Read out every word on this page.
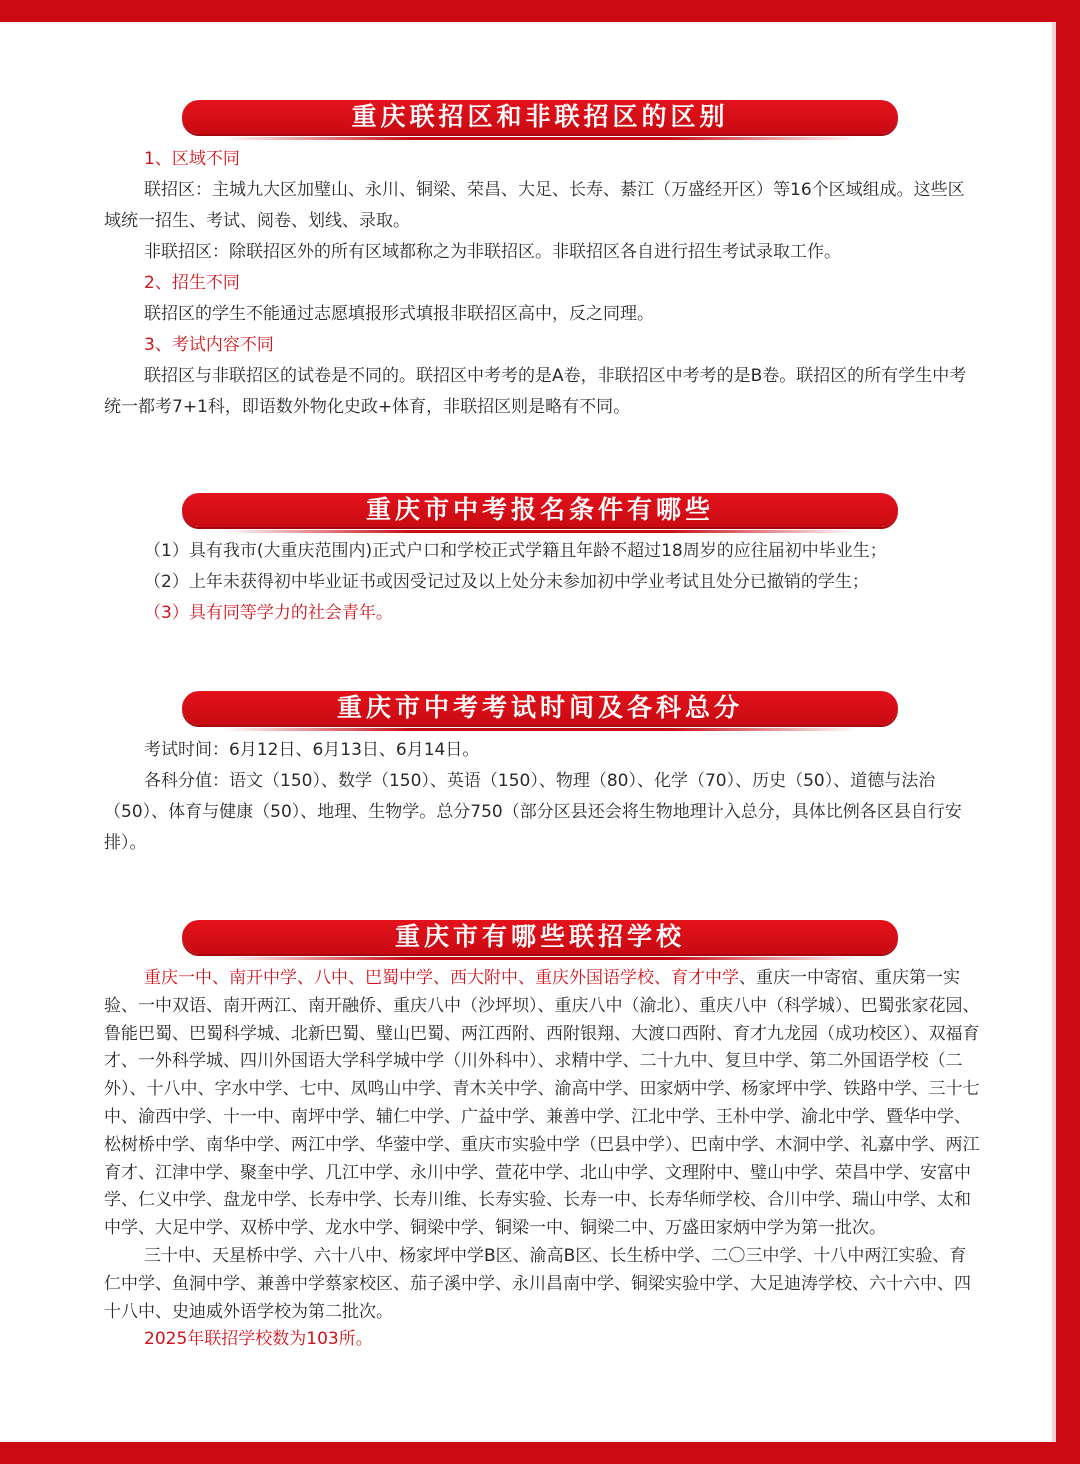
重庆联招区和非联招区的区别

1、区域不同

联招区：主城九大区加璧山、永川、铜梁、荣昌、大足、长寿、綦江（万盛经开区）等16个区域组成。这些区域统一招生、考试、阅卷、划线、录取。

非联招区：除联招区外的所有区域都称之为非联招区。非联招区各自进行招生考试录取工作。

2、招生不同

联招区的学生不能通过志愿填报形式填报非联招区高中，反之同理。

3、考试内容不同

联招区与非联招区的试卷是不同的。联招区中考考的是A卷，非联招区中考考的是B卷。联招区的所有学生中考统一都考7+1科，即语数外物化史政+体育，非联招区则是略有不同。

重庆市中考报名条件有哪些

（1）具有我市(大重庆范围内)正式户口和学校正式学籍且年龄不超过18周岁的应往届初中毕业生；

（2）上年未获得初中毕业证书或因受记过及以上处分未参加初中学业考试且处分已撤销的学生；

（3）具有同等学力的社会青年。

重庆市中考考试时间及各科总分

考试时间：6月12日、6月13日、6月14日。

各科分值：语文（150）、数学（150）、英语（150）、物理（80）、化学（70）、历史（50）、道德与法治（50）、体育与健康（50）、地理、生物学。总分750（部分区县还会将生物地理计入总分，具体比例各区县自行安排）。

重庆市有哪些联招学校

重庆一中、南开中学、八中、巴蜀中学、西大附中、重庆外国语学校、育才中学、重庆一中寄宿、重庆第一实验、一中双语、南开两江、南开融侨、重庆八中（沙坪坝）、重庆八中（渝北）、重庆八中（科学城）、巴蜀张家花园、鲁能巴蜀、巴蜀科学城、北新巴蜀、璧山巴蜀、两江西附、西附银翔、大渡口西附、育才九龙园（成功校区）、双福育才、一外科学城、四川外国语大学科学城中学（川外科中）、求精中学、二十九中、复旦中学、第二外国语学校（二外）、十八中、字水中学、七中、凤鸣山中学、青木关中学、渝高中学、田家炳中学、杨家坪中学、铁路中学、三十七中、渝西中学、十一中、南坪中学、辅仁中学、广益中学、兼善中学、江北中学、王朴中学、渝北中学、暨华中学、松树桥中学、南华中学、两江中学、华蓥中学、重庆市实验中学（巴县中学）、巴南中学、木洞中学、礼嘉中学、两江育才、江津中学、聚奎中学、几江中学、永川中学、萱花中学、北山中学、文理附中、璧山中学、荣昌中学、安富中学、仁义中学、盘龙中学、长寿中学、长寿川维、长寿实验、长寿一中、长寿华师学校、合川中学、瑞山中学、太和中学、大足中学、双桥中学、龙水中学、铜梁中学、铜梁一中、铜梁二中、万盛田家炳中学为第一批次。

三十中、天星桥中学、六十八中、杨家坪中学B区、渝高B区、长生桥中学、二〇三中学、十八中两江实验、育仁中学、鱼洞中学、兼善中学蔡家校区、茄子溪中学、永川昌南中学、铜梁实验中学、大足迪涛学校、六十六中、四十八中、史迪威外语学校为第二批次。

2025年联招学校数为103所。
